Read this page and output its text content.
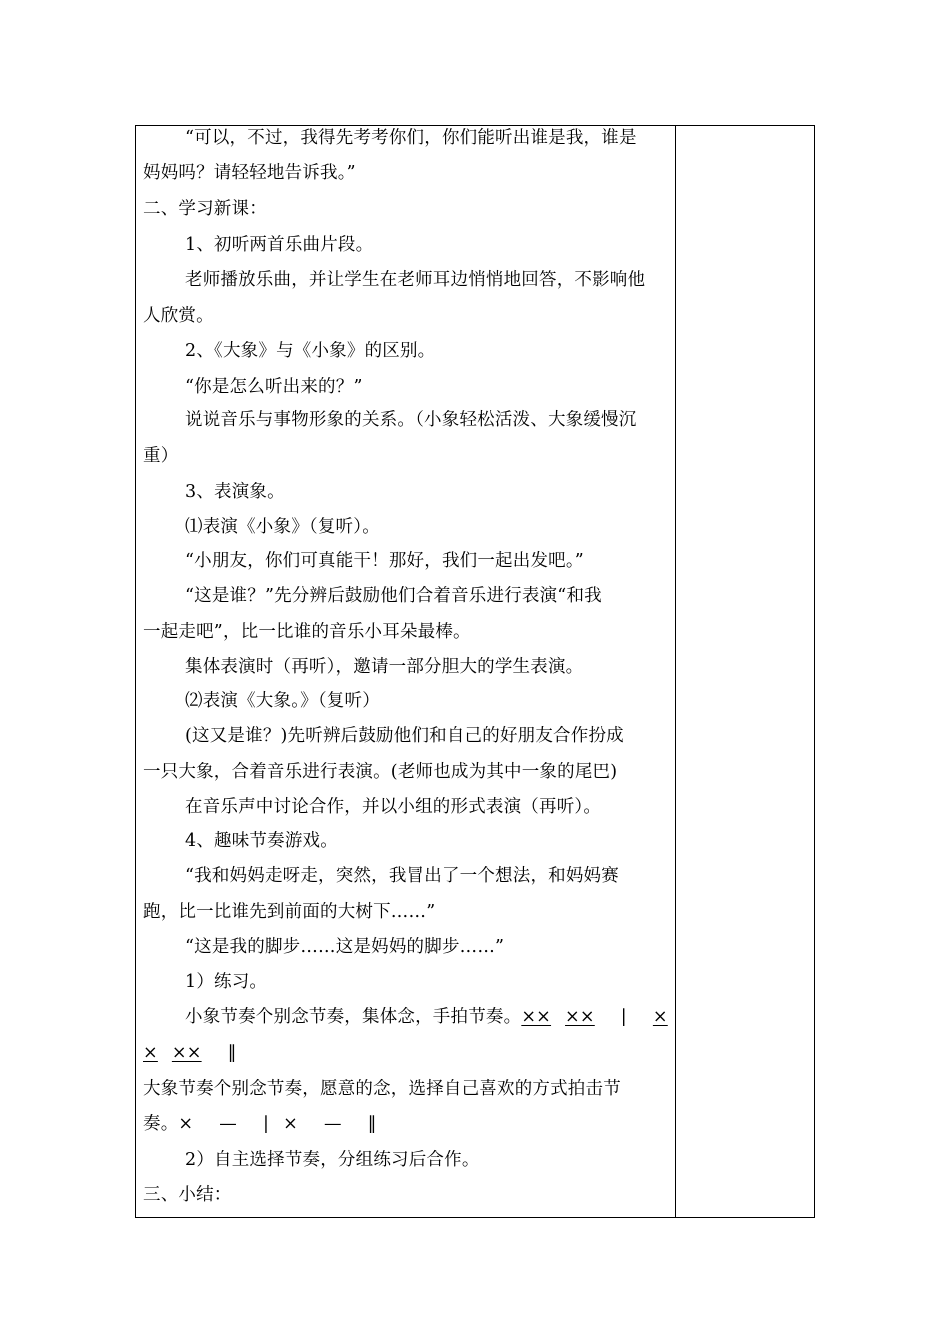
“可以，不过，我得先考考你们，你们能听出谁是我，谁是
妈妈吗？请轻轻地告诉我。”
二、学习新课：
1、初听两首乐曲片段。
老师播放乐曲，并让学生在老师耳边悄悄地回答，不影响他
人欣赏。
2、《大象》与《小象》的区别。
“你是怎么听出来的？”
说说音乐与事物形象的关系。（小象轻松活泼、大象缓慢沉
重）
3、表演象。
⑴表演《小象》（复听）。
“小朋友，你们可真能干！那好，我们一起出发吧。”
“这是谁？”先分辨后鼓励他们合着音乐进行表演“和我
一起走吧”，比一比谁的音乐小耳朵最棒。
集体表演时（再听），邀请一部分胆大的学生表演。
⑵表演《大象。》（复听）
(这又是谁？)先听辨后鼓励他们和自己的好朋友合作扮成
一只大象，合着音乐进行表演。(老师也成为其中一象的尾巴)
在音乐声中讨论合作，并以小组的形式表演（再听）。
4、趣味节奏游戏。
“我和妈妈走呀走，突然，我冒出了一个想法，和妈妈赛
跑，比一比谁先到前面的大树下……”
“这是我的脚步……这是妈妈的脚步……”
1）练习。
小象节奏个别念节奏，集体念，手拍节奏。×× ×× | ×
× ×× ‖
大象节奏个别念节奏，愿意的念，选择自己喜欢的方式拍击节
奏。× — | × — ‖
2）自主选择节奏，分组练习后合作。
三、小结：
